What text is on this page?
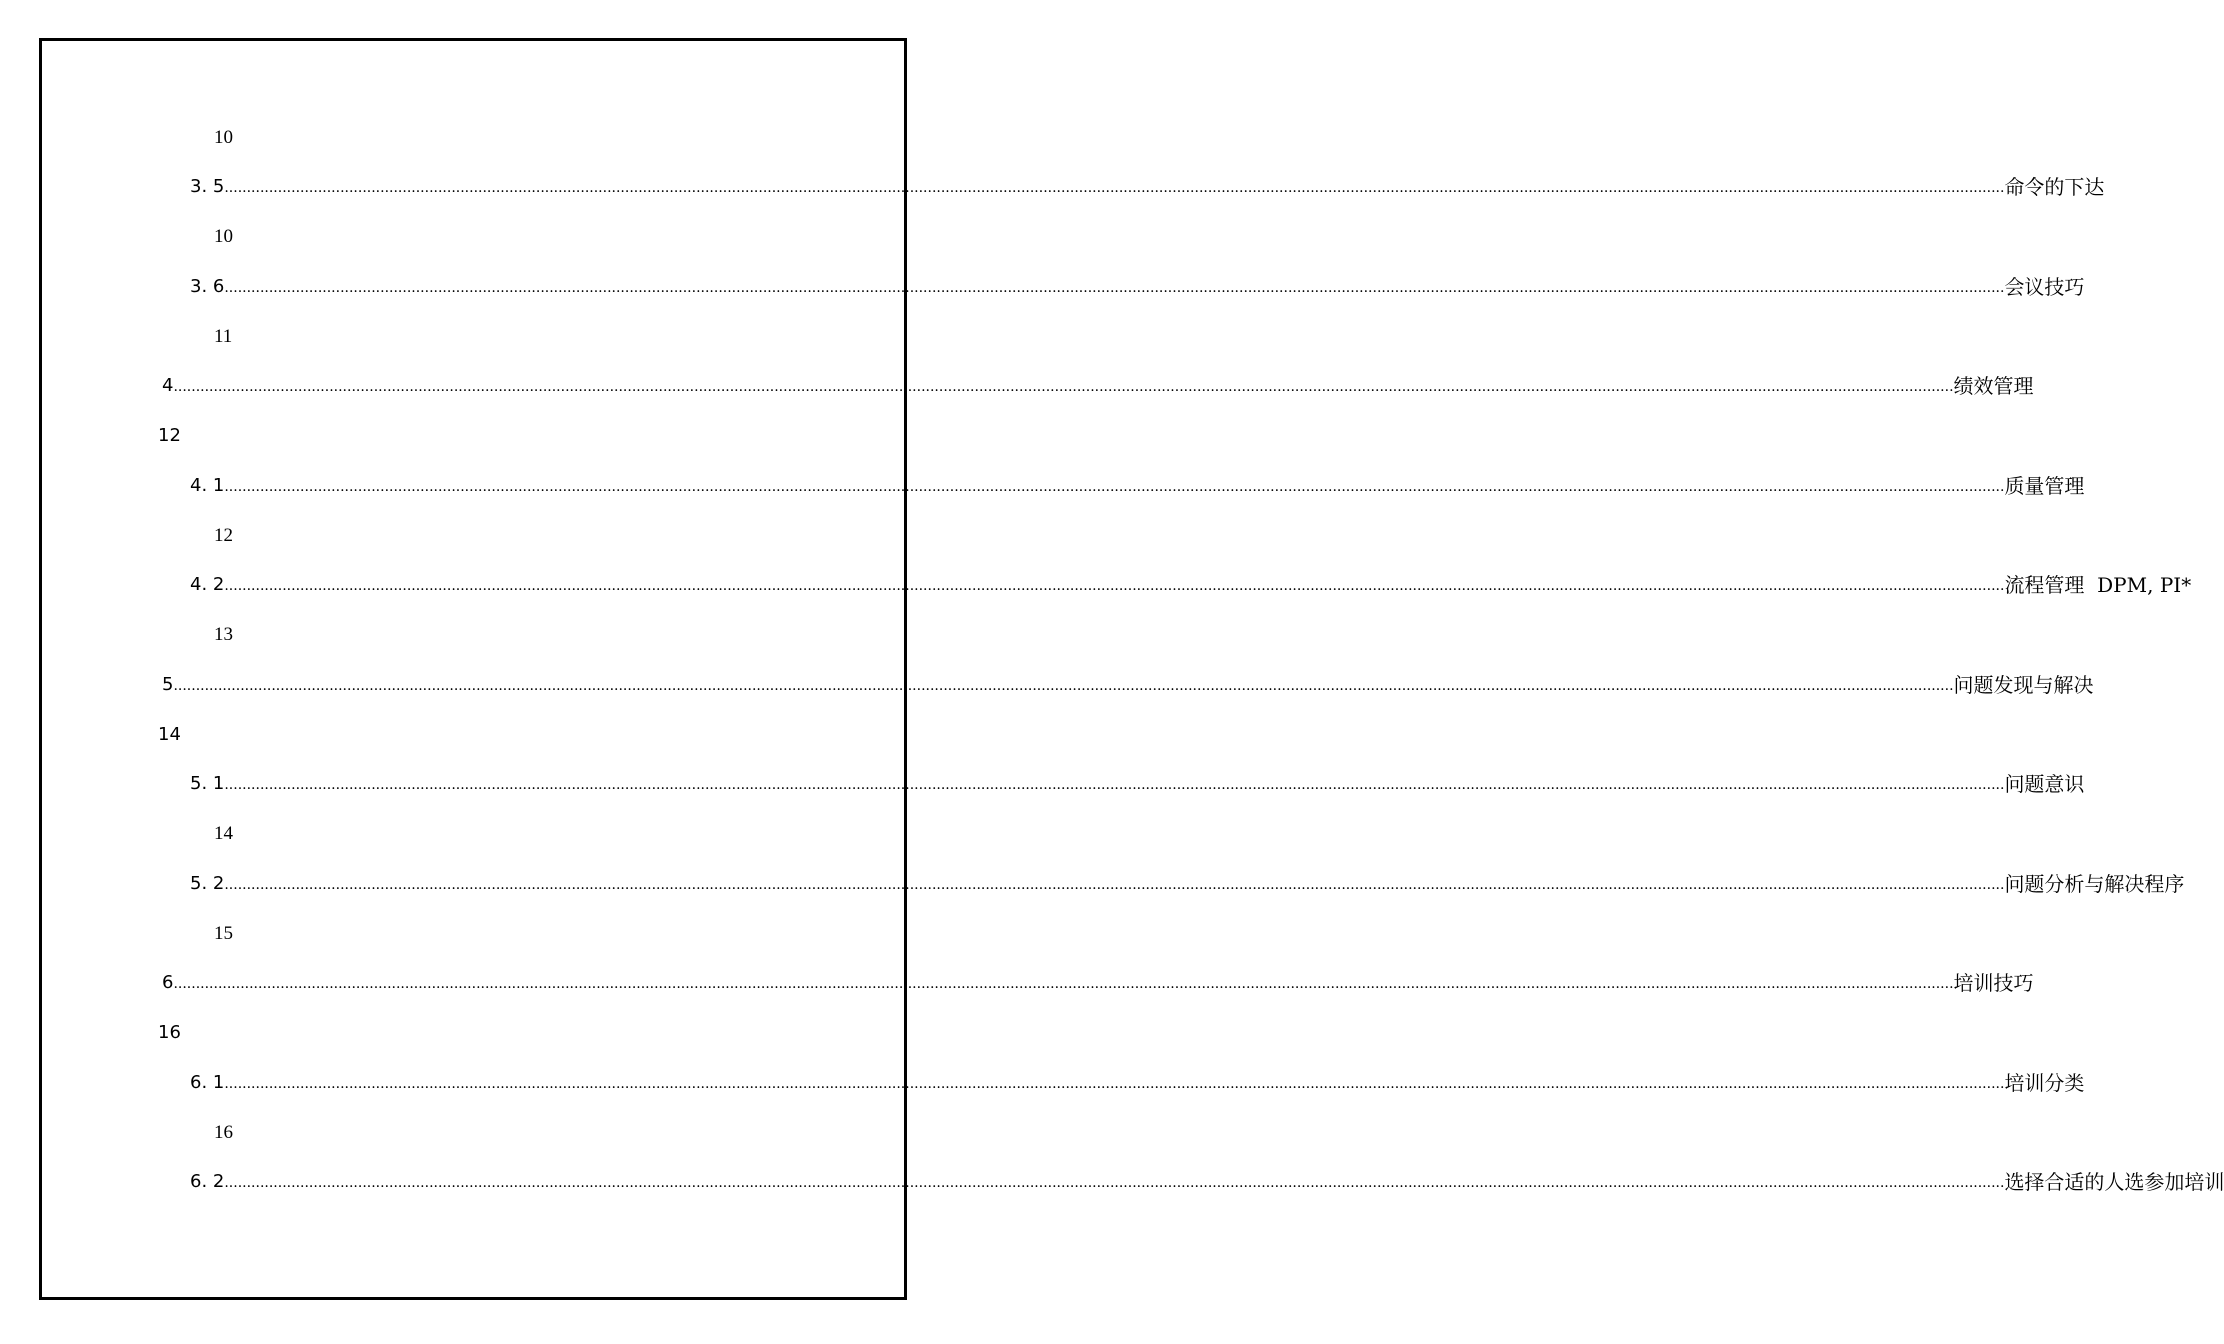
10
3. 5 ................................................................................................................................................................................................................................................................................................................................................................................................................ 命令的下达
10
3. 6 ................................................................................................................................................................................................................................................................................................................................................................................................................ 会议技巧
11
4 ................................................................................................................................................................................................................................................................................................................................................................................................................ 绩效管理
12
4. 1 ................................................................................................................................................................................................................................................................................................................................................................................................................ 质量管理
12
4. 2 ................................................................................................................................................................................................................................................................................................................................................................................................................ 流程管理  DPM, PI*
13
5 ................................................................................................................................................................................................................................................................................................................................................................................................................ 问题发现与解决
14
5. 1 ................................................................................................................................................................................................................................................................................................................................................................................................................ 问题意识
14
5. 2 ................................................................................................................................................................................................................................................................................................................................................................................................................ 问题分析与解决程序
15
6 ................................................................................................................................................................................................................................................................................................................................................................................................................ 培训技巧
16
6. 1 ................................................................................................................................................................................................................................................................................................................................................................................................................ 培训分类
16
6. 2 ................................................................................................................................................................................................................................................................................................................................................................................................................ 选择合适的人选参加培训
